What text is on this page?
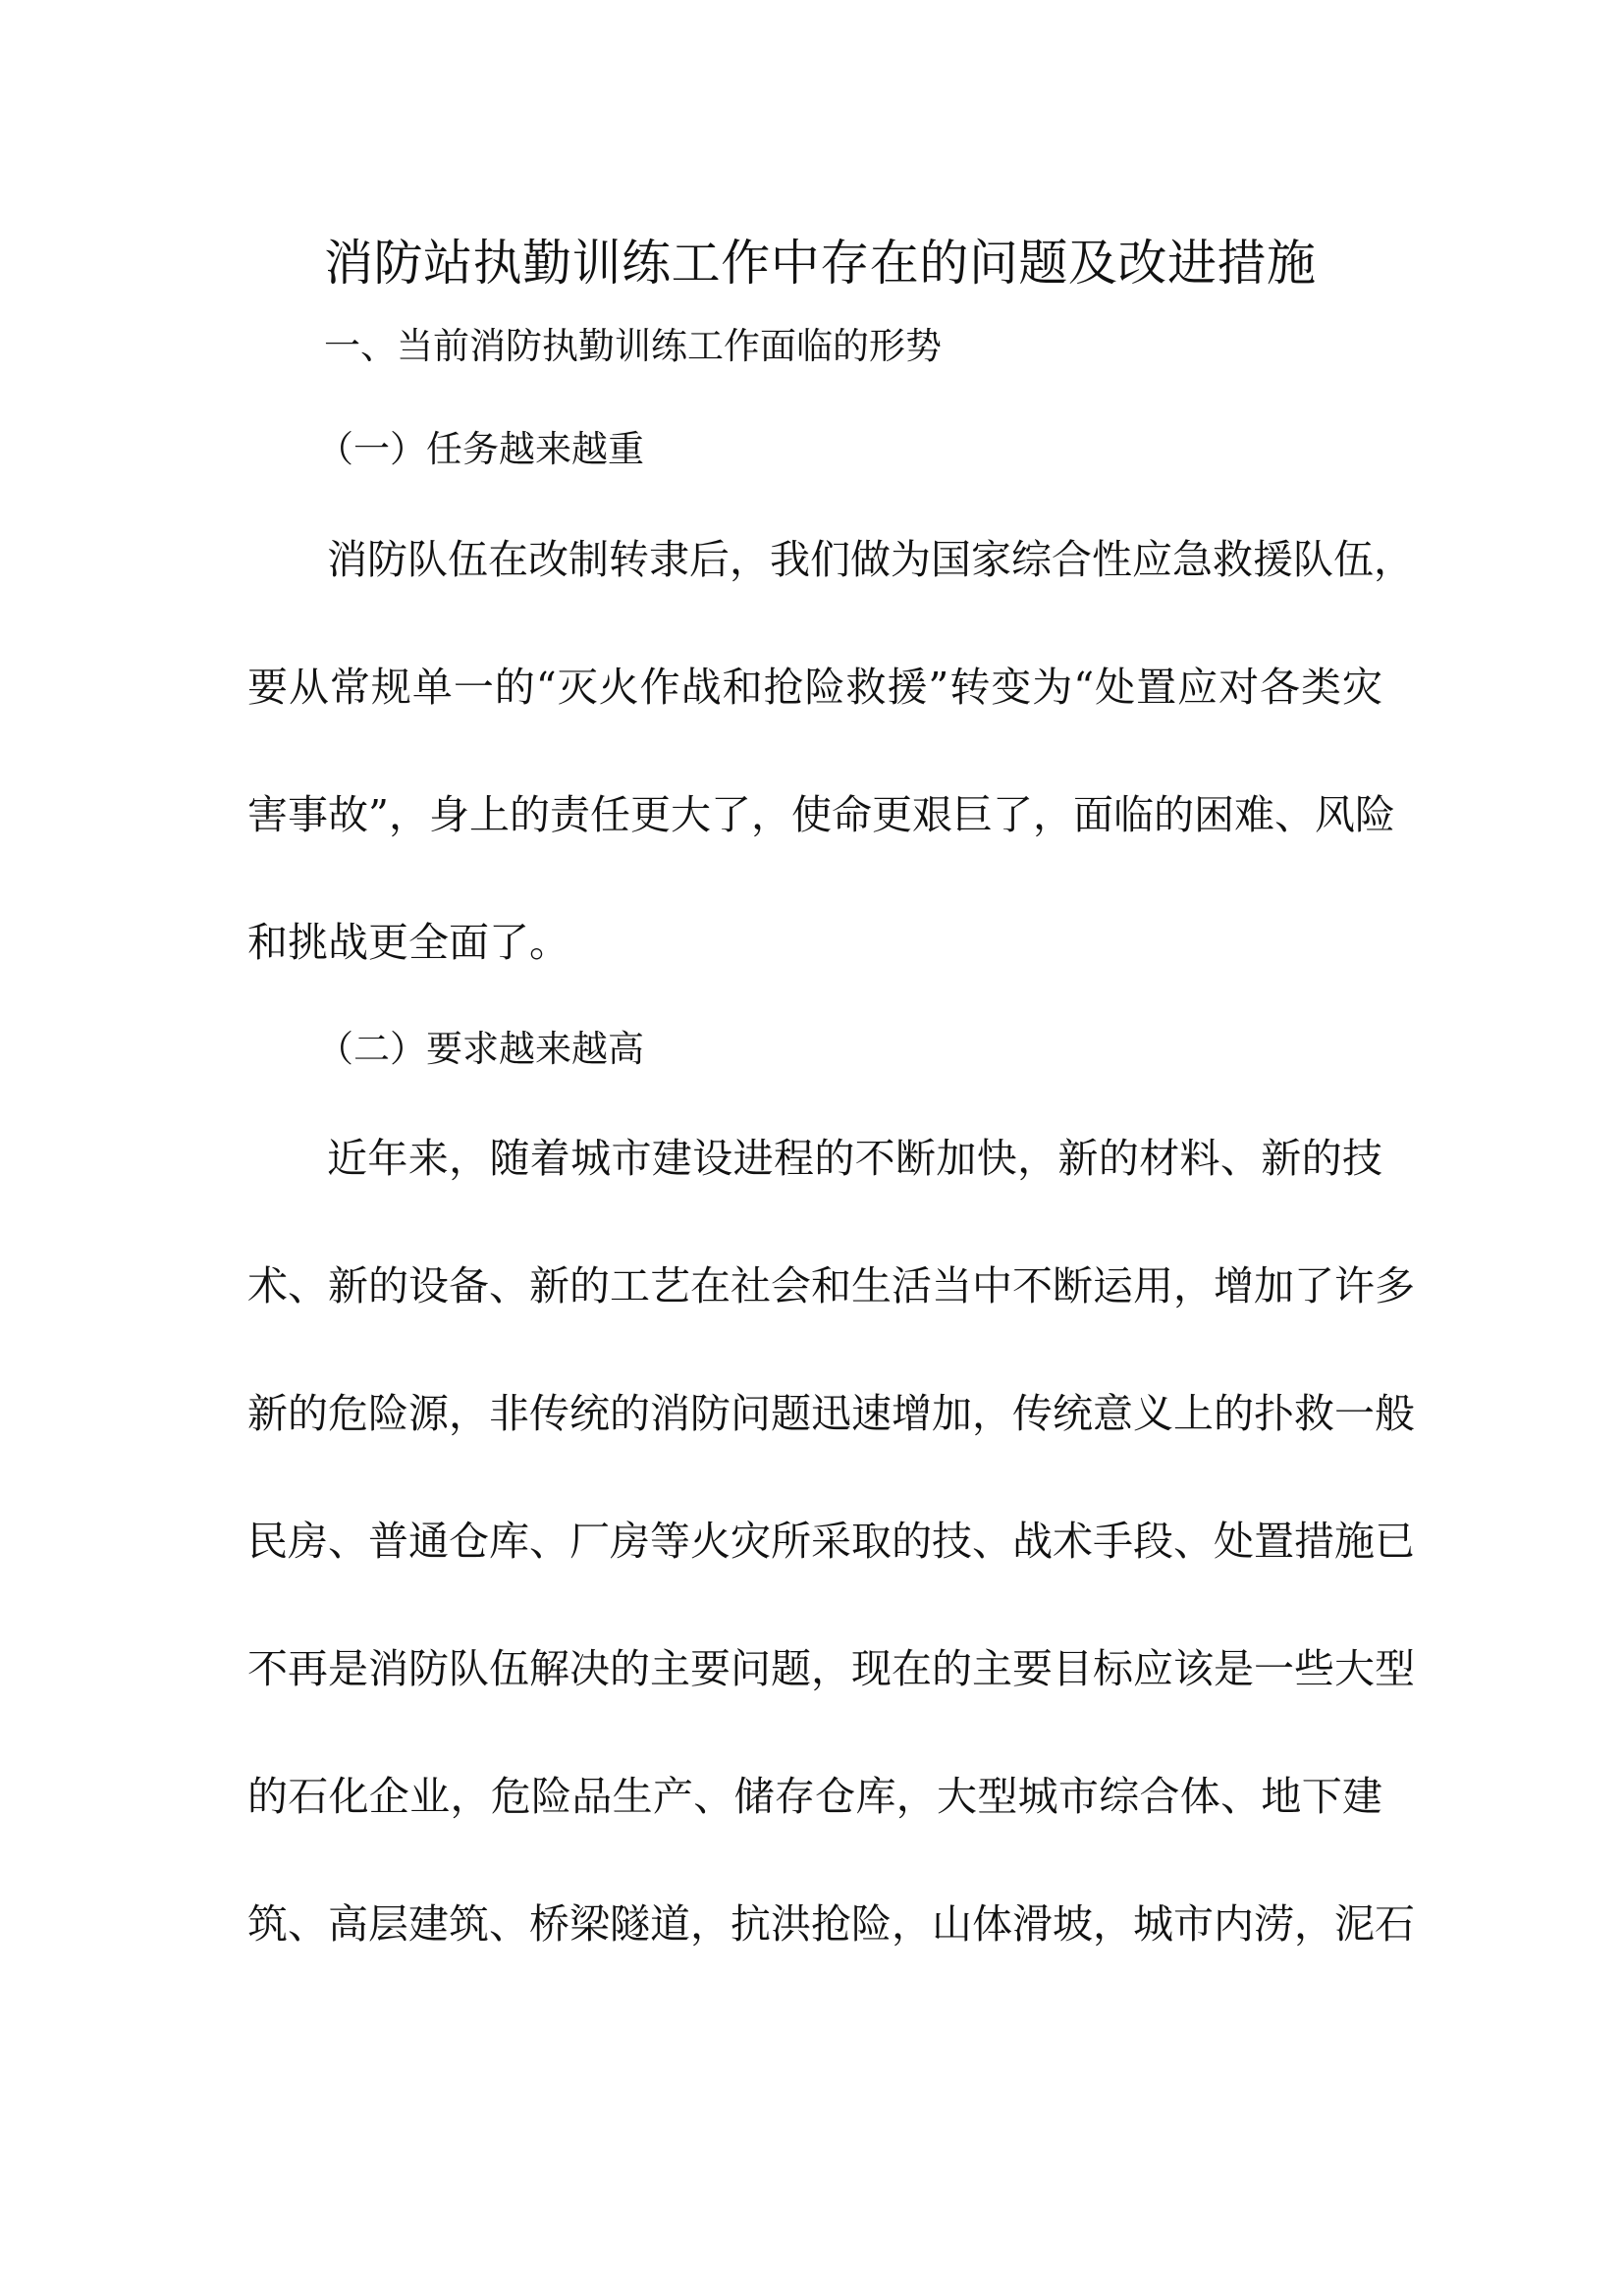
消防站执勤训练工作中存在的问题及改进措施
一、当前消防执勤训练工作面临的形势
（一）任务越来越重
消防队伍在改制转隶后，我们做为国家综合性应急救援队伍，
要从常规单一的“灭火作战和抢险救援”转变为“处置应对各类灾
害事故”，身上的责任更大了，使命更艰巨了，面临的困难、风险
和挑战更全面了。
（二）要求越来越高
近年来，随着城市建设进程的不断加快，新的材料、新的技
术、新的设备、新的工艺在社会和生活当中不断运用，增加了许多
新的危险源，非传统的消防问题迅速增加，传统意义上的扑救一般
民房、普通仓库、厂房等火灾所采取的技、战术手段、处置措施已
不再是消防队伍解决的主要问题，现在的主要目标应该是一些大型
的石化企业，危险品生产、储存仓库，大型城市综合体、地下建
筑、高层建筑、桥梁隧道，抗洪抢险，山体滑坡，城市内涝，泥石
